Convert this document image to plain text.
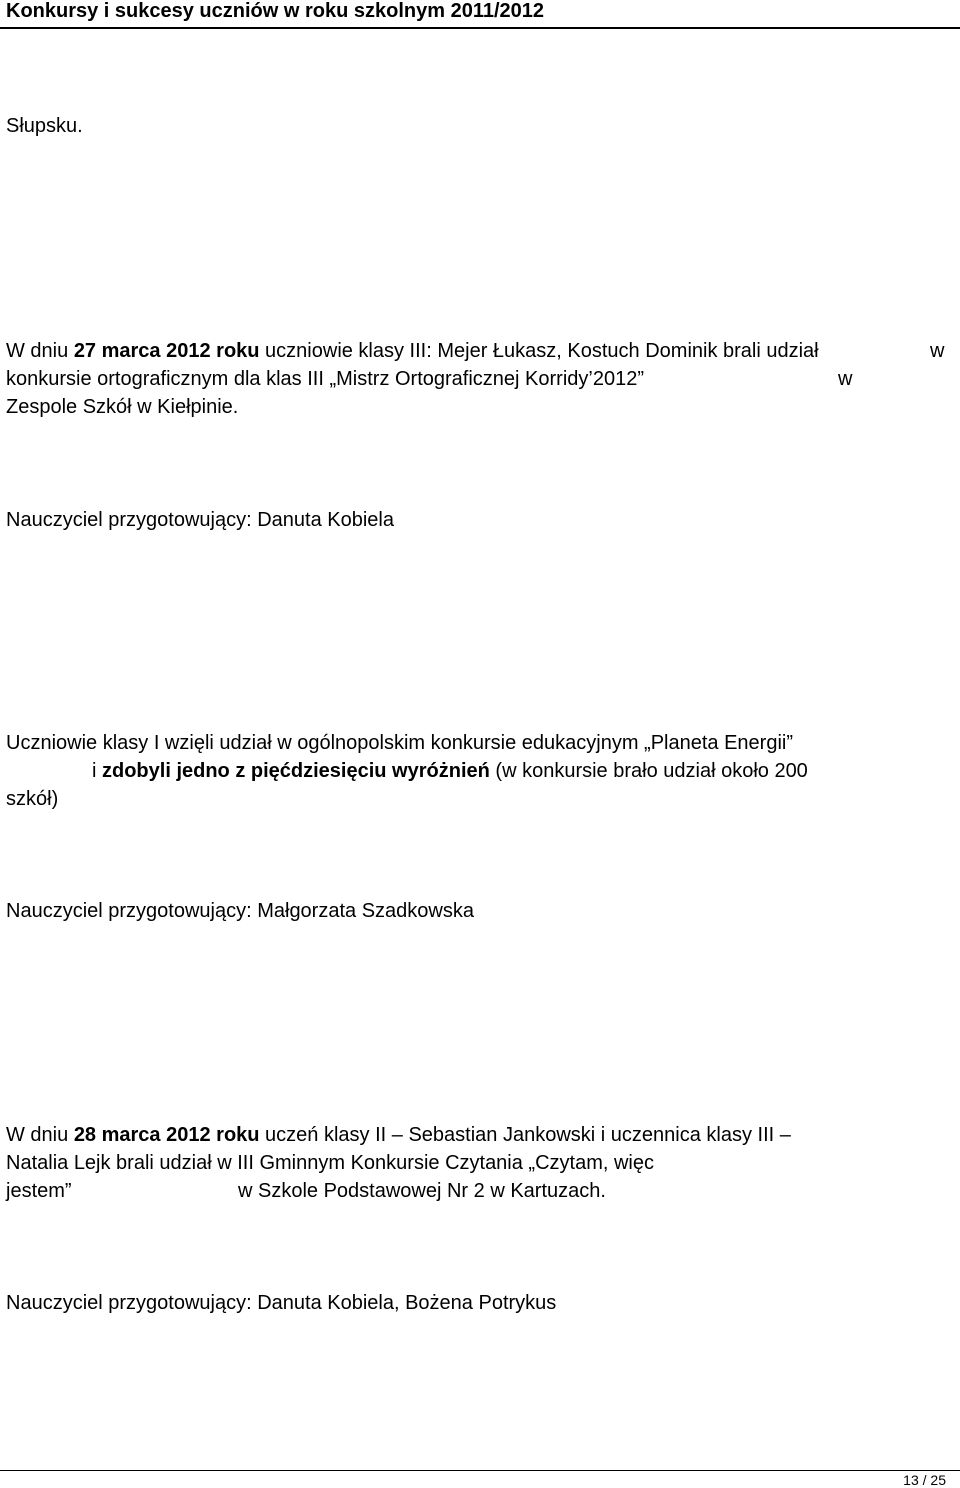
Konkursy i sukcesy uczniów w roku szkolnym 2011/2012
Słupsku.
W dniu 27 marca 2012 roku uczniowie klasy III: Mejer Łukasz, Kostuch Dominik brali udział	w
konkursie ortograficznym dla klas III „Mistrz Ortograficznej Korridy’2012”	w
Zespole Szkół w Kiełpinie.
Nauczyciel przygotowujący: Danuta Kobiela
Uczniowie klasy I wzięli udział w ogólnopolskim konkursie edukacyjnym „Planeta Energii”
i zdobyli jedno z pięćdziesięciu wyróżnień (w konkursie brało udział około 200
szkół)
Nauczyciel przygotowujący: Małgorzata Szadkowska
W dniu 28 marca 2012 roku uczeń klasy II – Sebastian Jankowski i uczennica klasy III –
Natalia Lejk brali udział w III Gminnym Konkursie Czytania „Czytam, więc
jestem”	w Szkole Podstawowej Nr 2 w Kartuzach.
Nauczyciel przygotowujący: Danuta Kobiela, Bożena Potrykus
13 / 25
